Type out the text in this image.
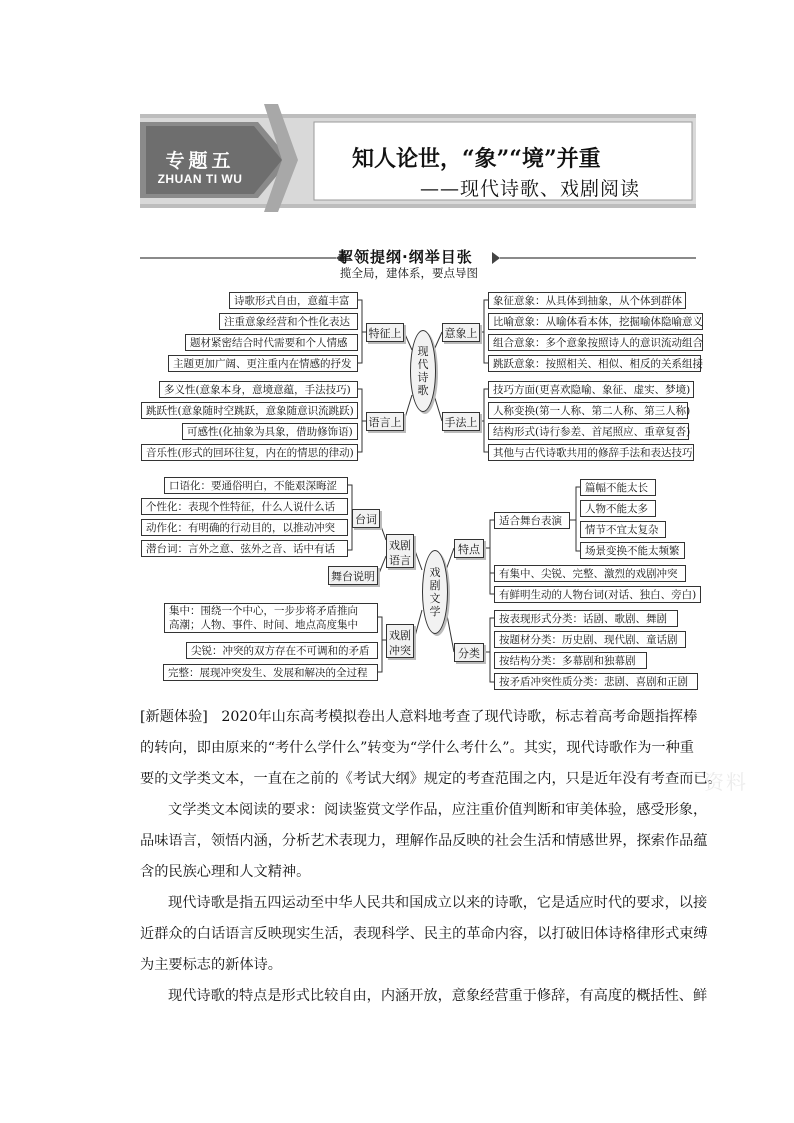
专题五
ZHUAN TI WU
知人论世，“象”“境”并重
——现代诗歌、戏剧阅读
挈领提纲·纲举目张
揽全局，建体系，要点导图
诗歌形式自由，意蕴丰富
注重意象经营和个性化表达
题材紧密结合时代需要和个人情感
主题更加广阔、更注重内在情感的抒发
特征上
多义性(意象本身，意境意蕴，手法技巧)
跳跃性(意象随时空跳跃，意象随意识流跳跃)
可感性(化抽象为具象，借助修饰语)
音乐性(形式的回环往复，内在的情思的律动)
语言上
现代诗歌
意象上
象征意象：从具体到抽象，从个体到群体
比喻意象：从喻体看本体，挖掘喻体隐喻意义
组合意象：多个意象按照诗人的意识流动组合
跳跃意象：按照相关、相似、相反的关系组接
手法上
技巧方面(更喜欢隐喻、象征、虚实、梦境)
人称变换(第一人称、第二人称、第三人称)
结构形式(诗行参差、首尾照应、重章复沓)
其他与古代诗歌共用的修辞手法和表达技巧
口语化：要通俗明白，不能艰深晦涩
个性化：表现个性特征，什么人说什么话
动作化：有明确的行动目的，以推动冲突
潜台词：言外之意、弦外之音、话中有话
台词
舞台说明
戏剧语言
集中：围绕一个中心，一步步将矛盾推向
高潮；人物、事件、时间、地点高度集中
尖锐：冲突的双方存在不可调和的矛盾
完整：展现冲突发生、发展和解决的全过程
戏剧冲突
戏剧文学
特点
适合舞台表演
篇幅不能太长
人物不能太多
情节不宜太复杂
场景变换不能太频繁
有集中、尖锐、完整、激烈的戏剧冲突
有鲜明生动的人物台词(对话、独白、旁白)
分类
按表现形式分类：话剧、歌剧、舞剧
按题材分类：历史剧、现代剧、童话剧
按结构分类：多幕剧和独幕剧
按矛盾冲突性质分类：悲剧、喜剧和正剧
[新题体验] 2020年山东高考模拟卷出人意料地考查了现代诗歌，标志着高考命题指挥棒
的转向，即由原来的“考什么学什么”转变为“学什么考什么”。其实，现代诗歌作为一种重
要的文学类文本，一直在之前的《考试大纲》规定的考查范围之内，只是近年没有考查而已。
文学类文本阅读的要求：阅读鉴赏文学作品，应注重价值判断和审美体验，感受形象，
品味语言，领悟内涵，分析艺术表现力，理解作品反映的社会生活和情感世界，探索作品蕴
含的民族心理和人文精神。
现代诗歌是指五四运动至中华人民共和国成立以来的诗歌，它是适应时代的要求，以接
近群众的白话语言反映现实生活，表现科学、民主的革命内容，以打破旧体诗格律形式束缚
为主要标志的新体诗。
现代诗歌的特点是形式比较自由，内涵开放，意象经营重于修辞，有高度的概括性、鲜
资料
